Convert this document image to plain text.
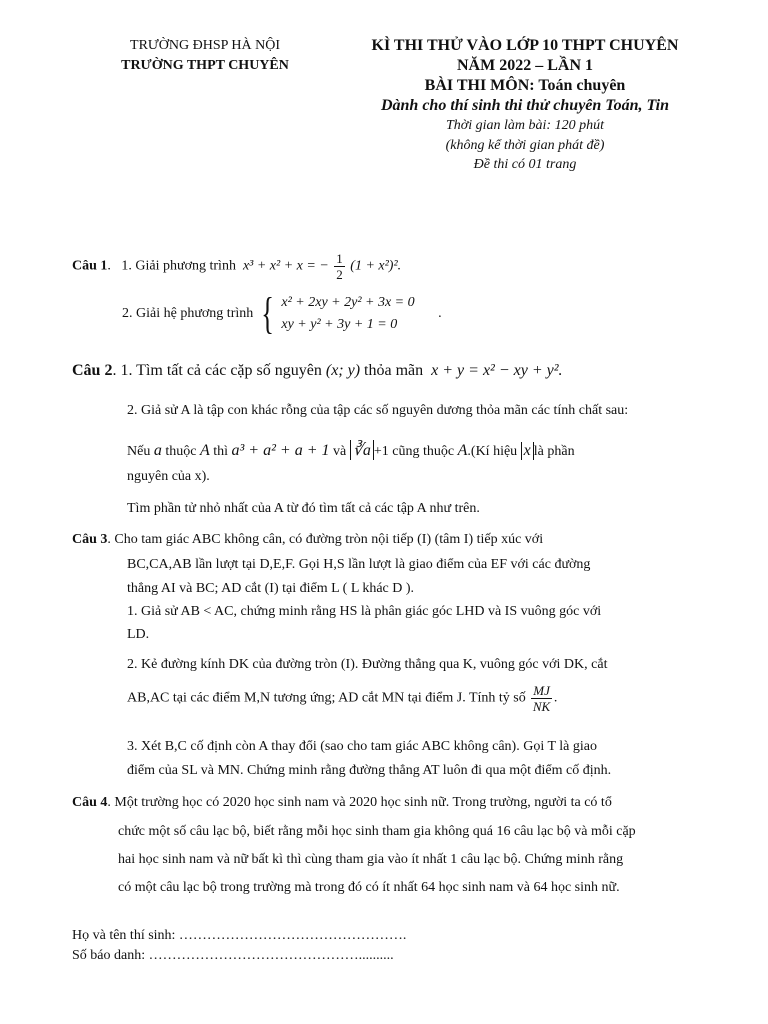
TRƯỜNG ĐHSP HÀ NỘI
TRƯỜNG THPT CHUYÊN
KÌ THI THỬ VÀO LỚP 10 THPT CHUYÊN
NĂM 2022 – LẦN 1
BÀI THI MÔN: Toán chuyên
Dành cho thí sinh thi thử chuyên Toán, Tin
Thời gian làm bài: 120 phút
(không kể thời gian phát đề)
Đề thi có 01 trang
Câu 1.   1. Giải phương trình x³ + x² + x = − $\frac{1}{2} (1 + x^2)^2$.
2. Giải hệ phương trình { x² + 2xy + 2y² + 3x = 0
xy + y² + 3y + 1 = 0
.
Câu 2. 1. Tìm tất cả các cặp số nguyên (x; y) thỏa mãn x + y = x² − xy + y².
2. Giả sử A là tập con khác rỗng của tập các số nguyên dương thỏa mãn các tính chất sau:
Nếu a thuộc A thì a³ + a² + a + 1 và ∛a +1 cũng thuộc A.(Kí hiệu x là phần
nguyên của x).
Tìm phần tử nhỏ nhất của A từ đó tìm tất cả các tập A như trên.
Câu 3. Cho tam giác ABC không cân, có đường tròn nội tiếp (I) (tâm I) tiếp xúc với
BC,CA,AB lần lượt tại D,E,F. Gọi H,S lần lượt là giao điểm của EF với các đường
thẳng AI và BC; AD cắt (I) tại điểm L ( L khác D ).
1. Giả sử AB < AC, chứng minh rằng HS là phân giác góc LHD và IS vuông góc với
LD.
2. Kẻ đường kính DK của đường tròn (I). Đường thẳng qua K, vuông góc với DK, cắt
AB,AC tại các điểm M,N tương ứng; AD cắt MN tại điểm J. Tính tỷ số $\frac{MJ}{NK}$ .
3. Xét B,C cố định còn A thay đổi (sao cho tam giác ABC không cân). Gọi T là giao
điểm của SL và MN. Chứng minh rằng đường thẳng AT luôn đi qua một điểm cố định.
Câu 4. Một trường học có 2020 học sinh nam và 2020 học sinh nữ. Trong trường, người ta có tổ
chức một số câu lạc bộ, biết rằng mỗi học sinh tham gia không quá 16 câu lạc bộ và mỗi cặp
hai học sinh nam và nữ bất kì thì cùng tham gia vào ít nhất 1 câu lạc bộ. Chứng minh rằng
có một câu lạc bộ trong trường mà trong đó có ít nhất 64 học sinh nam và 64 học sinh nữ.
Họ và tên thí sinh: ………………………………………….
Số báo danh: ………………………………………..........
